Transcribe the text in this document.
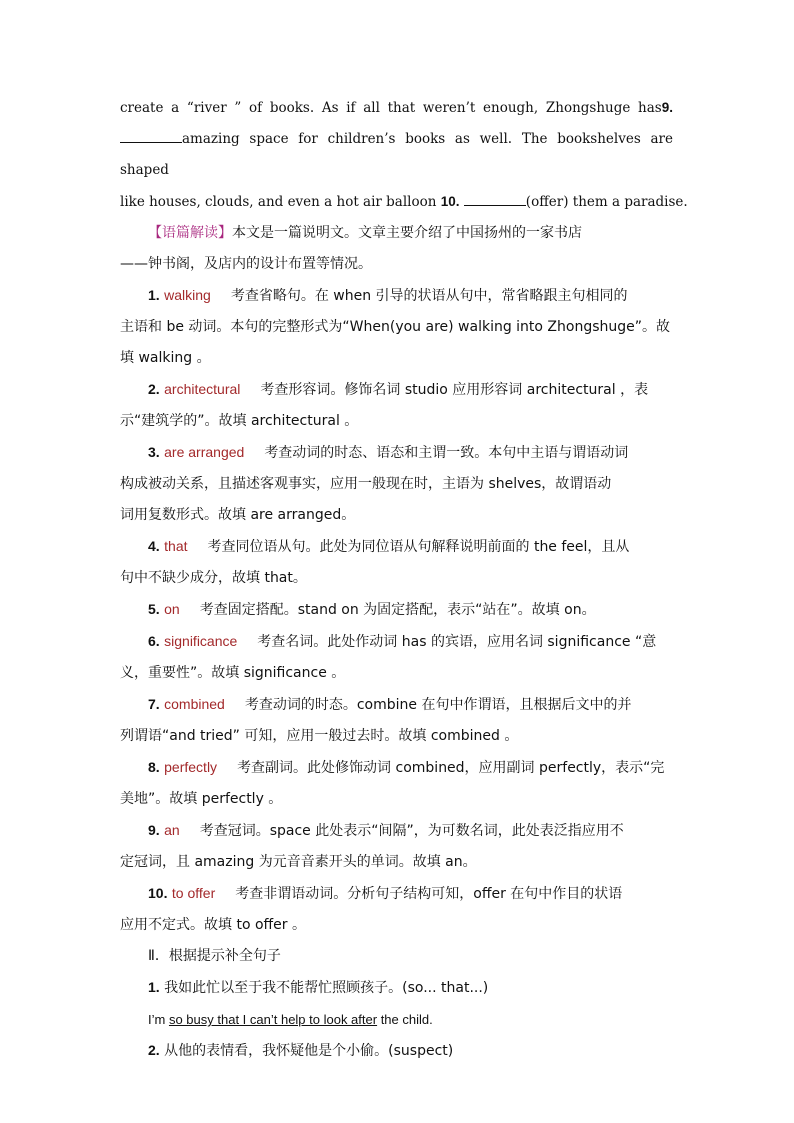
create a “river ” of books. As if all that weren’t enough, Zhongshuge has9.
amazing space for children’s books as well. The bookshelves are shaped
like houses, clouds, and even a hot air balloon 10.	(offer) them a paradise.
【语篇解读】本文是一篇说明文。文章主要介绍了中国扬州的一家书店
——钟书阁，及店内的设计布置等情况。
1. walking 考查省略句。在 when 引导的状语从句中，常省略跟主句相同的
主语和 be 动词。本句的完整形式为“When(you are) walking into Zhongshuge”。故
填 walking 。
2. architectural 考查形容词。修饰名词 studio 应用形容词 architectural ，表
示“建筑学的”。故填 architectural 。
3. are arranged 考查动词的时态、语态和主谓一致。本句中主语与谓语动词
构成被动关系，且描述客观事实，应用一般现在时，主语为 shelves，故谓语动
词用复数形式。故填 are arranged。
4. that 考查同位语从句。此处为同位语从句解释说明前面的 the feel，且从
句中不缺少成分，故填 that。
5. on 考查固定搭配。stand on 为固定搭配，表示“站在”。故填 on。
6. significance 考查名词。此处作动词 has 的宾语，应用名词 significance “意
义，重要性”。故填 significance 。
7. combined 考查动词的时态。combine 在句中作谓语，且根据后文中的并
列谓语“and tried” 可知，应用一般过去时。故填 combined 。
8. perfectly 考查副词。此处修饰动词 combined，应用副词 perfectly，表示“完
美地”。故填 perfectly 。
9. an 考查冠词。space 此处表示“间隔”，为可数名词，此处表泛指应用不
定冠词，且 amazing 为元音音素开头的单词。故填 an。
10. to offer 考查非谓语动词。分析句子结构可知，offer 在句中作目的状语
应用不定式。故填 to offer 。
Ⅱ．根据提示补全句子
1. 我如此忙以至于我不能帮忙照顾孩子。(so... that...)
I’m so busy that I can’t help to look after the child.
2. 从他的表情看，我怀疑他是个小偷。(suspect)
